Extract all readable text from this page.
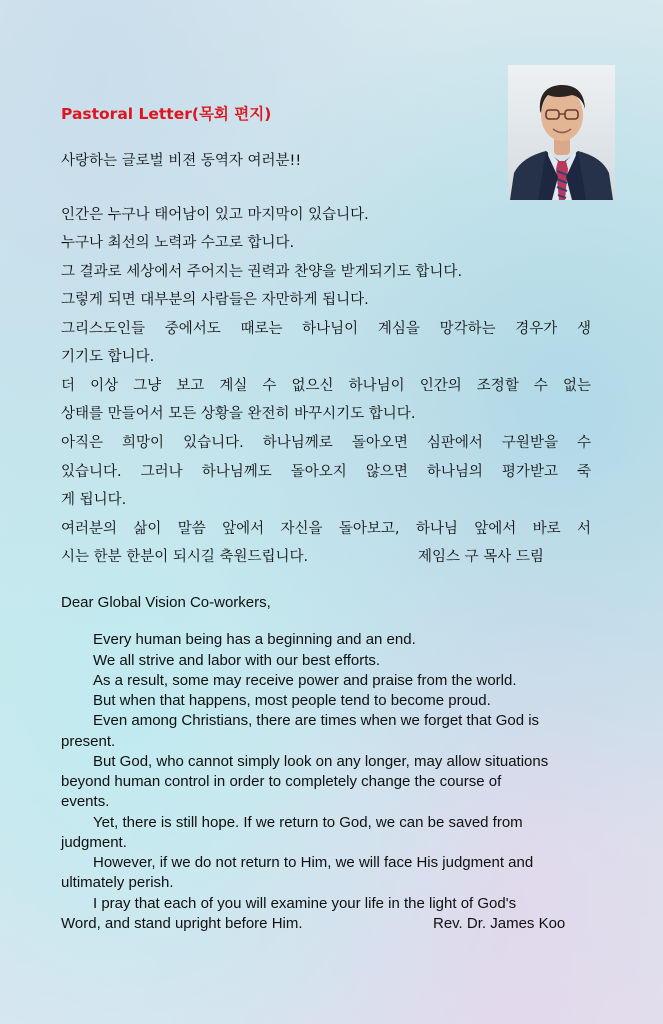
Pastoral Letter(목회 편지)
사랑하는 글로벌 비젼 동역자 여러분!!
인간은 누구나 태어남이 있고 마지막이 있습니다.
누구나 최선의 노력과 수고로 합니다.
그 결과로 세상에서 주어지는 권력과 찬양을 받게되기도 합니다.
그렇게 되면 대부분의 사람들은 자만하게 됩니다.
그리스도인들 중에서도 때로는 하나님이 계심을 망각하는 경우가 생
기기도 합니다.
더 이상 그냥 보고 계실 수 없으신 하나님이 인간의 조정할 수 없는
상태를 만들어서 모든 상황을 완전히 바꾸시기도 합니다.
아직은 희망이 있습니다. 하나님께로 돌아오면 심판에서 구원받을 수
있습니다. 그러나 하나님께도 돌아오지 않으면 하나님의 평가받고 죽
게 됩니다.
여러분의 삶이 말씀 앞에서 자신을 돌아보고, 하나님 앞에서 바로 서
시는 한분 한분이 되시길 축원드립니다.	제임스 구 목사 드림
Dear Global Vision Co-workers,
Every human being has a beginning and an end.
We all strive and labor with our best efforts.
As a result, some may receive power and praise from the world.
But when that happens, most people tend to become proud.
Even among Christians, there are times when we forget that God is
present.
But God, who cannot simply look on any longer, may allow situations
beyond human control in order to completely change the course of
events.
Yet, there is still hope. If we return to God, we can be saved from
judgment.
However, if we do not return to Him, we will face His judgment and
ultimately perish.
I pray that each of you will examine your life in the light of God's
Word, and stand upright before Him.	Rev. Dr. James Koo
